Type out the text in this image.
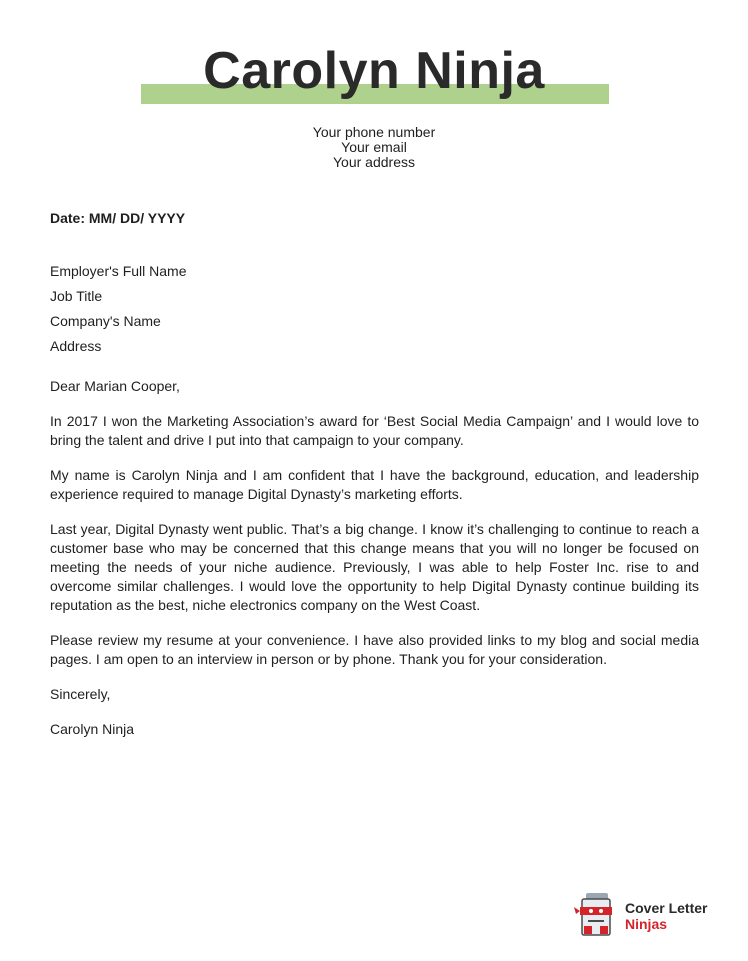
Carolyn Ninja
Your phone number
Your email
Your address

Date: MM/ DD/ YYYY

Employer's Full Name
Job Title
Company's Name
Address
Dear Marian Cooper,
In 2017 I won the Marketing Association’s award for ‘Best Social Media Campaign’ and I would love to bring the talent and drive I put into that campaign to your company.
My name is Carolyn Ninja and I am confident that I have the background, education, and leadership experience required to manage Digital Dynasty’s marketing efforts.
Last year, Digital Dynasty went public. That’s a big change. I know it’s challenging to continue to reach a customer base who may be concerned that this change means that you will no longer be focused on meeting the needs of your niche audience. Previously, I was able to help Foster Inc. rise to and overcome similar challenges. I would love the opportunity to help Digital Dynasty continue building its reputation as the best, niche electronics company on the West Coast.
Please review my resume at your convenience. I have also provided links to my blog and social media pages. I am open to an interview in person or by phone. Thank you for your consideration.
Sincerely,
Carolyn Ninja
Cover Letter
Ninjas
